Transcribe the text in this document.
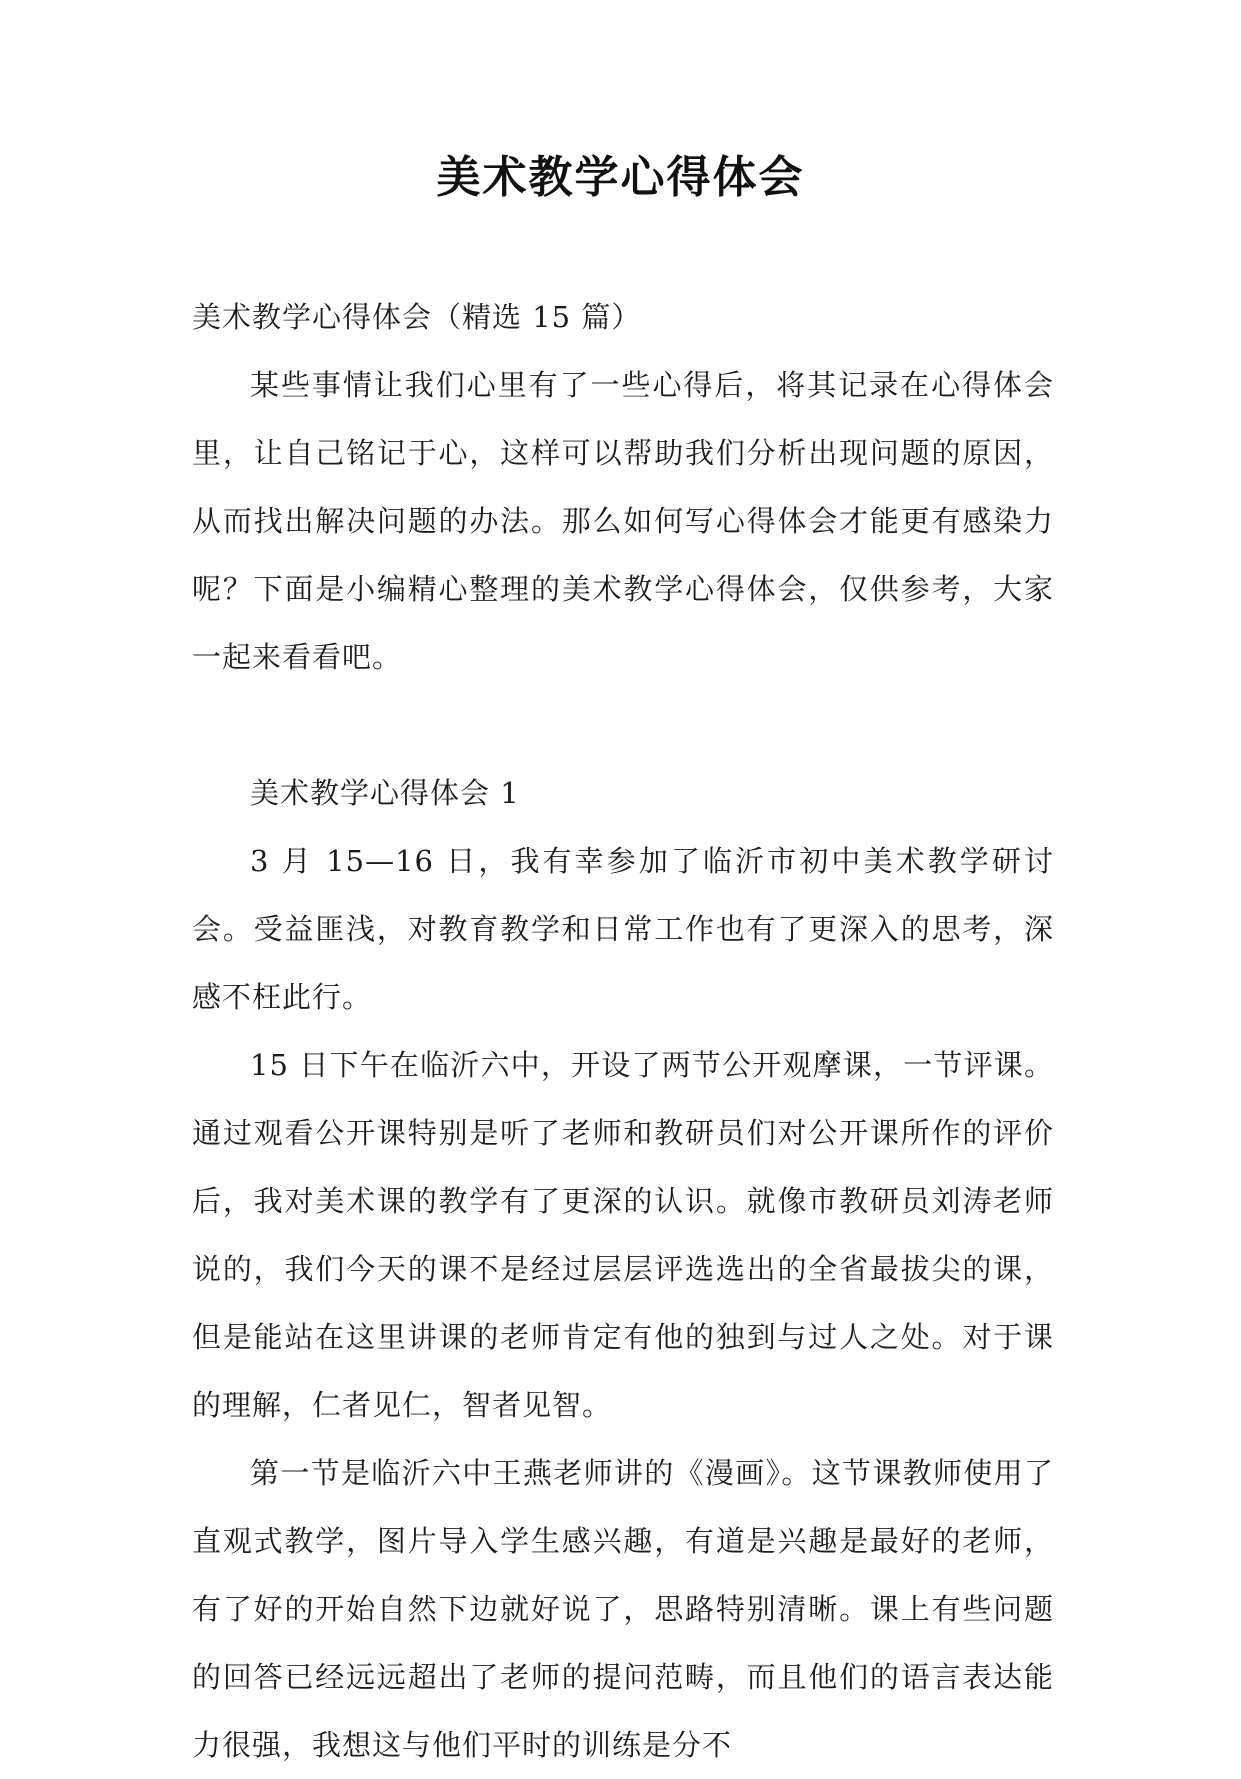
美术教学心得体会

美术教学心得体会（精选 15 篇）

某些事情让我们心里有了一些心得后，将其记录在心得体会里，让自己铭记于心，这样可以帮助我们分析出现问题的原因，从而找出解决问题的办法。那么如何写心得体会才能更有感染力呢？下面是小编精心整理的美术教学心得体会，仅供参考，大家一起来看看吧。

美术教学心得体会 1

3 月 15—16 日，我有幸参加了临沂市初中美术教学研讨会。受益匪浅，对教育教学和日常工作也有了更深入的思考，深感不枉此行。

15 日下午在临沂六中，开设了两节公开观摩课，一节评课。通过观看公开课特别是听了老师和教研员们对公开课所作的评价后，我对美术课的教学有了更深的认识。就像市教研员刘涛老师说的，我们今天的课不是经过层层评选选出的全省最拔尖的课，但是能站在这里讲课的老师肯定有他的独到与过人之处。对于课的理解，仁者见仁，智者见智。

第一节是临沂六中王燕老师讲的《漫画》。这节课教师使用了直观式教学，图片导入学生感兴趣，有道是兴趣是最好的老师，有了好的开始自然下边就好说了，思路特别清晰。课上有些问题的回答已经远远超出了老师的提问范畴，而且他们的语言表达能力很强，我想这与他们平时的训练是分不
